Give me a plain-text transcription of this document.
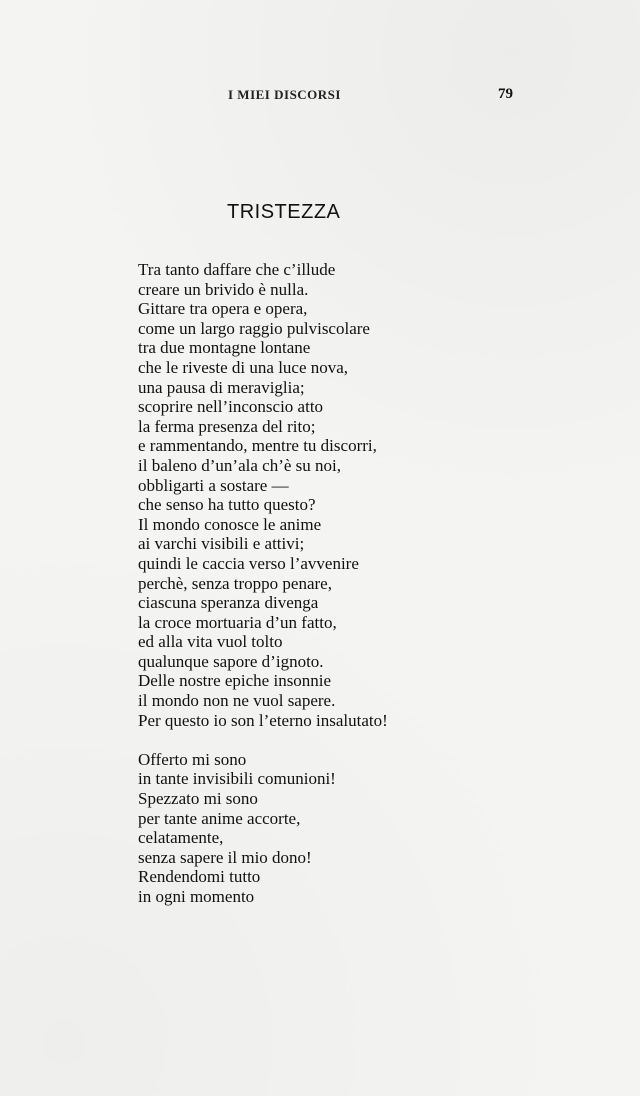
I MIEI DISCORSI	79
TRISTEZZA
Tra tanto daffare che c’illude
creare un brivido è nulla.
Gittare tra opera e opera,
come un largo raggio pulviscolare
tra due montagne lontane
che le riveste di una luce nova,
una pausa di meraviglia;
scoprire nell’inconscio atto
la ferma presenza del rito;
e rammentando, mentre tu discorri,
il baleno d’un’ala ch’è su noi,
obbligarti a sostare —
che senso ha tutto questo?
Il mondo conosce le anime
ai varchi visibili e attivi;
quindi le caccia verso l’avvenire
perchè, senza troppo penare,
ciascuna speranza divenga
la croce mortuaria d’un fatto,
ed alla vita vuol tolto
qualunque sapore d’ignoto.
Delle nostre epiche insonnie
il mondo non ne vuol sapere.
Per questo io son l’eterno insalutato!
Offerto mi sono
in tante invisibili comunioni!
Spezzato mi sono
per tante anime accorte,
celatamente,
senza sapere il mio dono!
Rendendomi tutto
in ogni momento
